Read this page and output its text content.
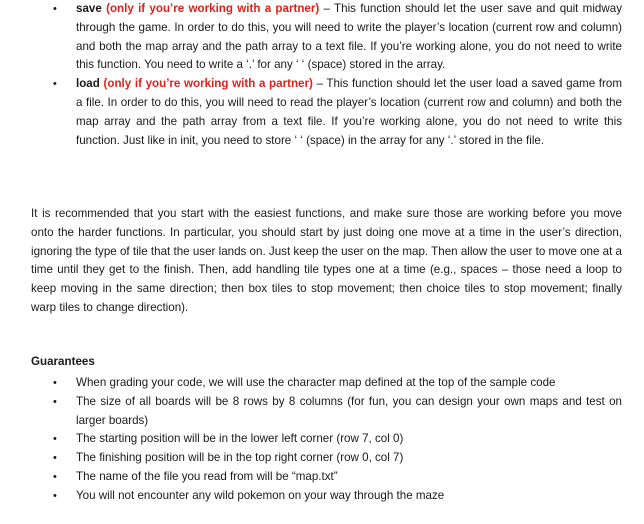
• save (only if you’re working with a partner) – This function should let the user save and quit midway through the game. In order to do this, you will need to write the player’s location (current row and column) and both the map array and the path array to a text file. If you’re working alone, you do not need to write this function. You need to write a ‘.’ for any ‘ ‘ (space) stored in the array.
• load (only if you’re working with a partner) – This function should let the user load a saved game from a file. In order to do this, you will need to read the player’s location (current row and column) and both the map array and the path array from a text file. If you’re working alone, you do not need to write this function. Just like in init, you need to store ‘ ‘ (space) in the array for any ‘.’ stored in the file.

It is recommended that you start with the easiest functions, and make sure those are working before you move onto the harder functions. In particular, you should start by just doing one move at a time in the user’s direction, ignoring the type of tile that the user lands on. Just keep the user on the map. Then allow the user to move one at a time until they get to the finish. Then, add handling tile types one at a time (e.g., spaces – those need a loop to keep moving in the same direction; then box tiles to stop movement; then choice tiles to stop movement; finally warp tiles to change direction).

Guarantees

• When grading your code, we will use the character map defined at the top of the sample code
• The size of all boards will be 8 rows by 8 columns (for fun, you can design your own maps and test on larger boards)
• The starting position will be in the lower left corner (row 7, col 0)
• The finishing position will be in the top right corner (row 0, col 7)
• The name of the file you read from will be “map.txt”
• You will not encounter any wild pokemon on your way through the maze
